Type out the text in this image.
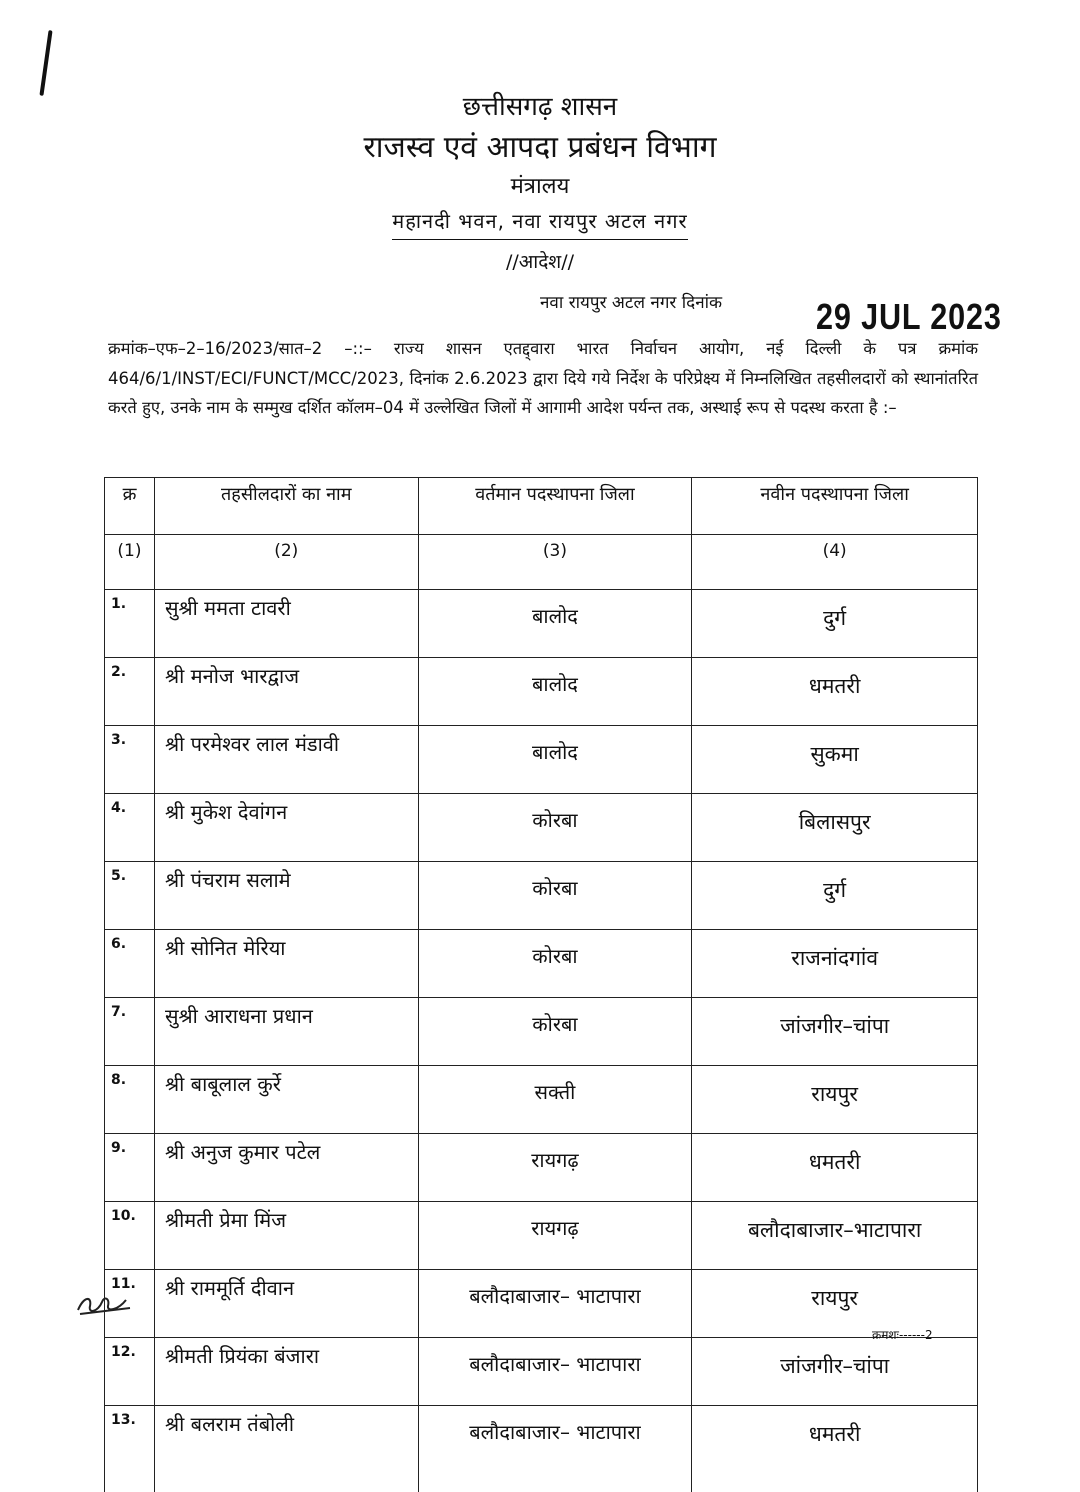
छत्तीसगढ़ शासन
राजस्व एवं आपदा प्रबंधन विभाग
मंत्रालय
महानदी भवन, नवा रायपुर अटल नगर
//आदेश//
नवा रायपुर अटल नगर दिनांक	29 JUL 2023
क्रमांक–एफ–2–16/2023/सात–2 –::– राज्य शासन एतद्द्वारा भारत निर्वाचन आयोग, नई दिल्ली के पत्र क्रमांक 464/6/1/INST/ECI/FUNCT/MCC/2023, दिनांक 2.6.2023 द्वारा दिये गये निर्देश के परिप्रेक्ष्य में निम्नलिखित तहसीलदारों को स्थानांतरित करते हुए, उनके नाम के सम्मुख दर्शित कॉलम–04 में उल्लेखित जिलों में आगामी आदेश पर्यन्त तक, अस्थाई रूप से पदस्थ करता है :–
क्र	तहसीलदारों का नाम	वर्तमान पदस्थापना जिला	नवीन पदस्थापना जिला
(1)	(2)	(3)	(4)
1.	सुश्री ममता टावरी	बालोद	दुर्ग
2.	श्री मनोज भारद्वाज	बालोद	धमतरी
3.	श्री परमेश्वर लाल मंडावी	बालोद	सुकमा
4.	श्री मुकेश देवांगन	कोरबा	बिलासपुर
5.	श्री पंचराम सलामे	कोरबा	दुर्ग
6.	श्री सोनित मेरिया	कोरबा	राजनांदगांव
7.	सुश्री आराधना प्रधान	कोरबा	जांजगीर–चांपा
8.	श्री बाबूलाल कुर्रे	सक्ती	रायपुर
9.	श्री अनुज कुमार पटेल	रायगढ़	धमतरी
10.	श्रीमती प्रेमा मिंज	रायगढ़	बलौदाबाजार–भाटापारा
11.	श्री राममूर्ति दीवान	बलौदाबाजार– भाटापारा	रायपुर
12.	श्रीमती प्रियंका बंजारा	बलौदाबाजार– भाटापारा	जांजगीर–चांपा
13.	श्री बलराम तंबोली	बलौदाबाजार– भाटापारा	धमतरी
क्रमशः------2
